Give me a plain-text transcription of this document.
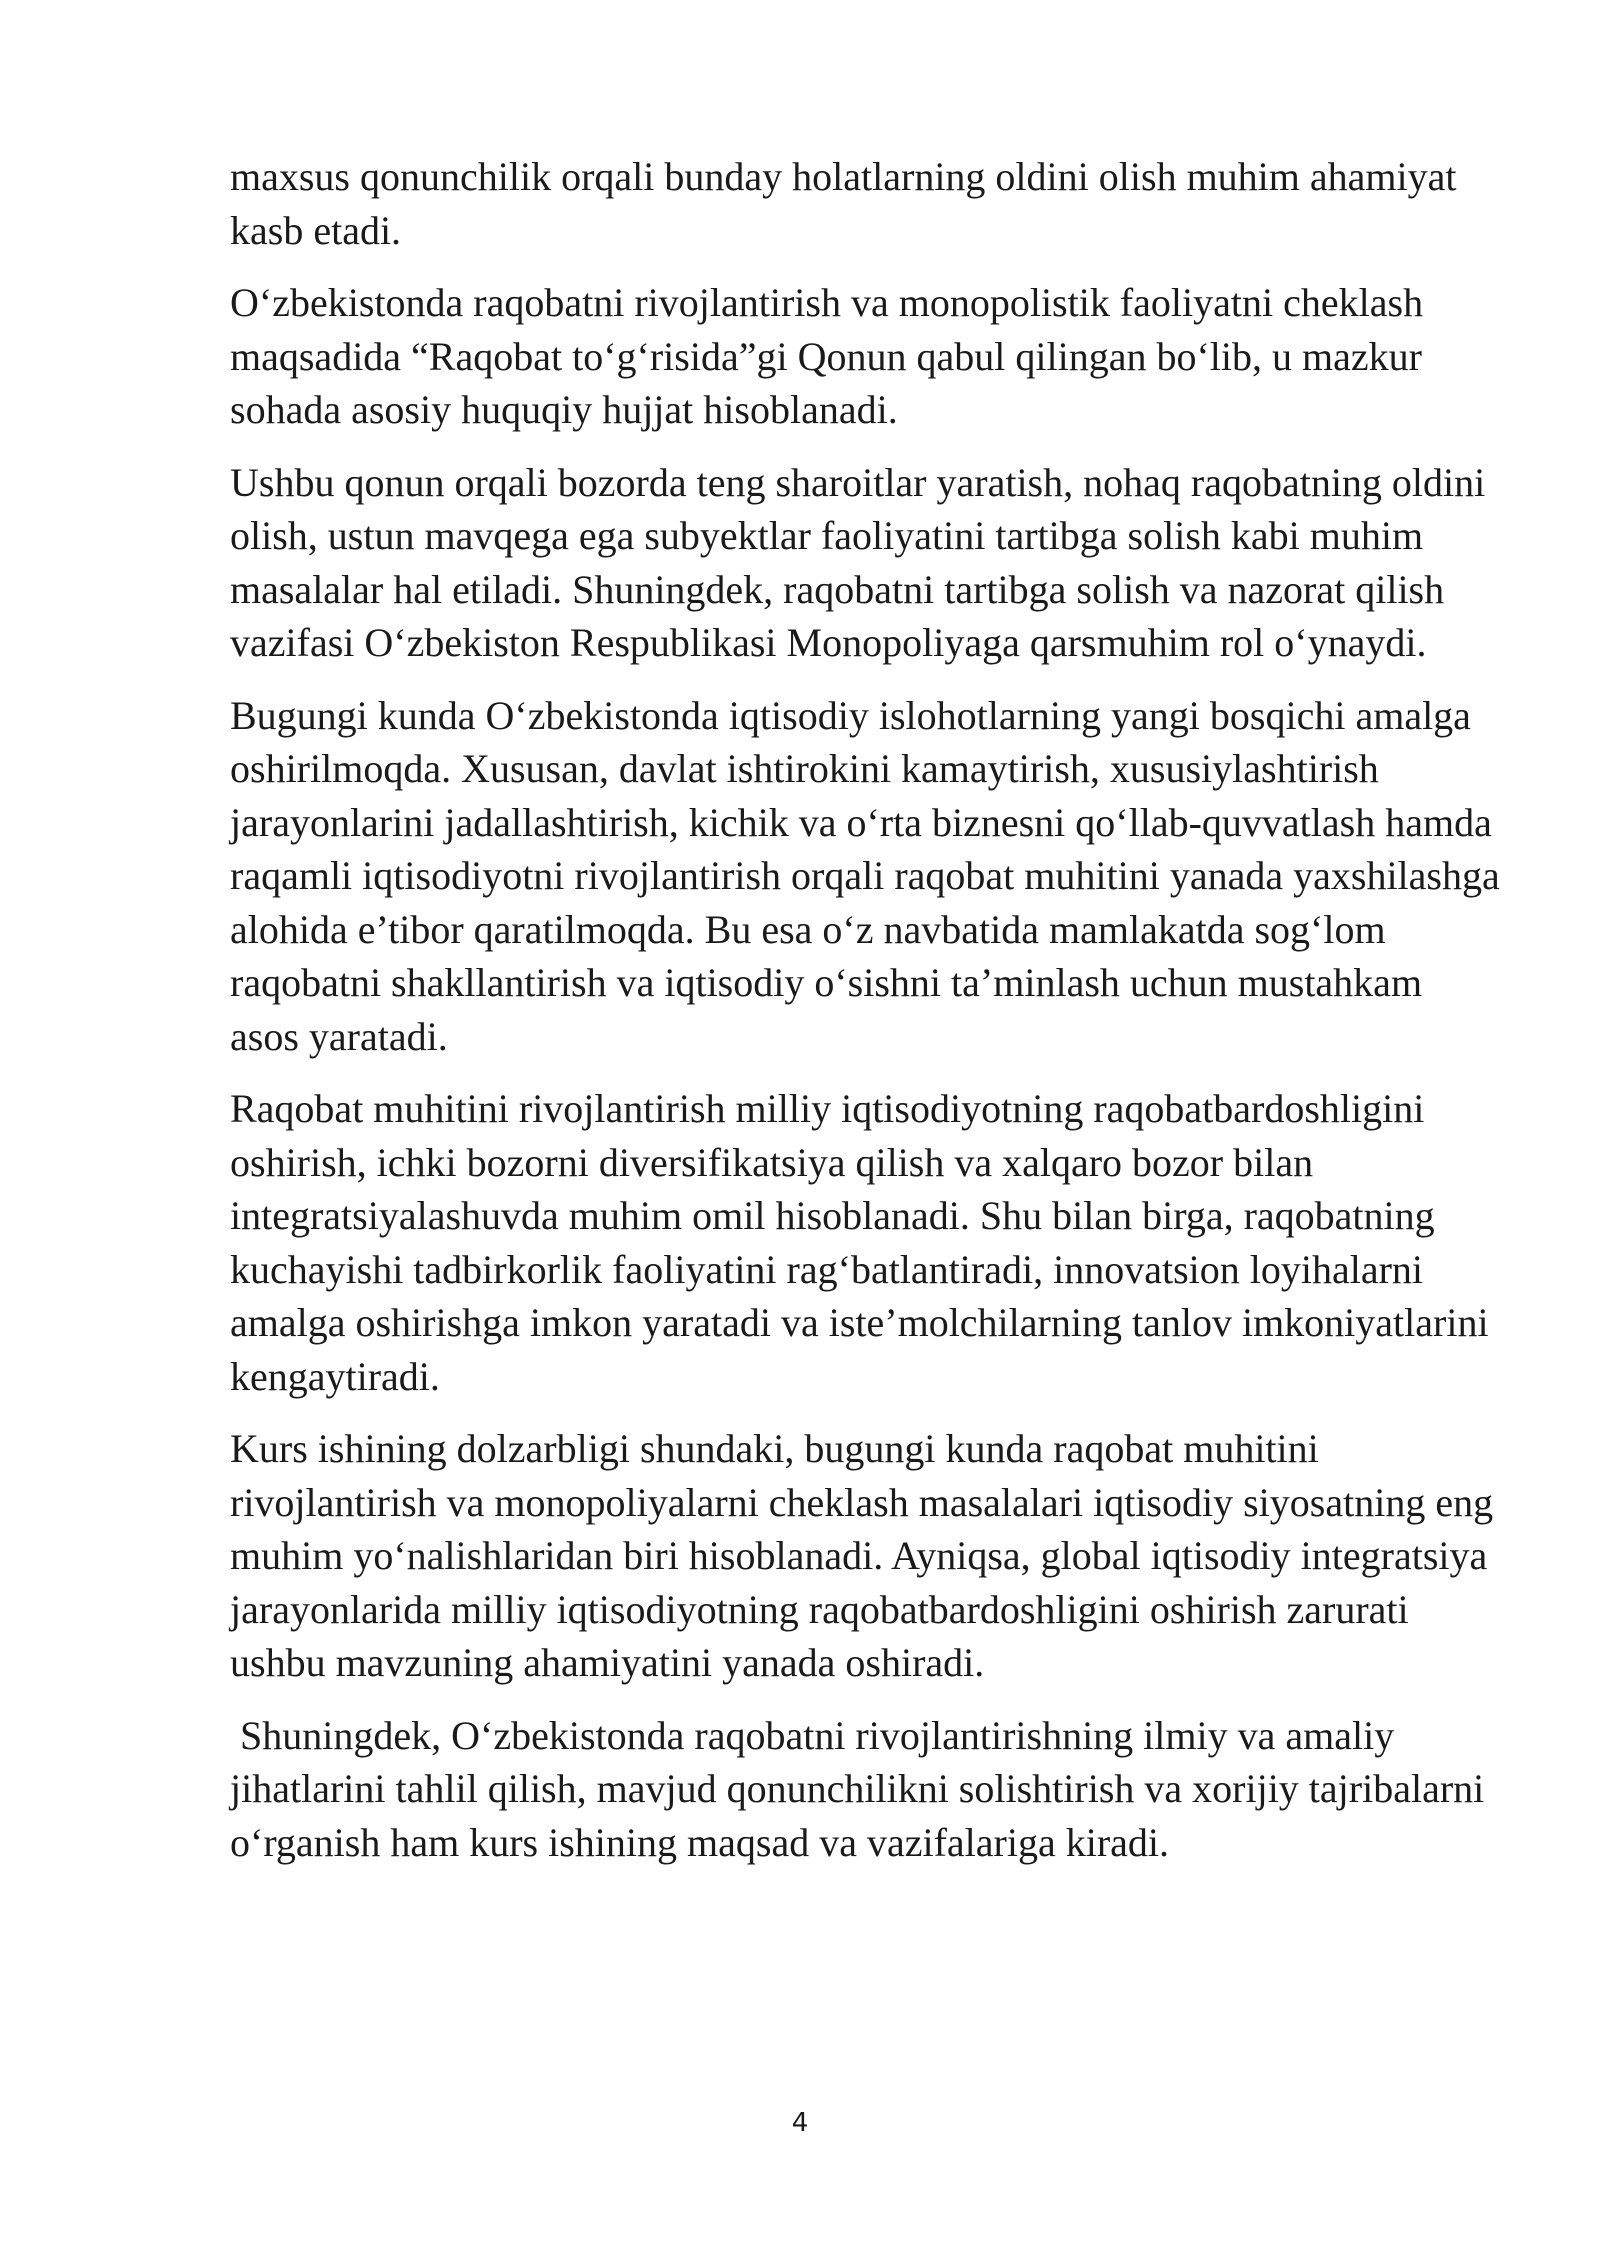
maxsus qonunchilik orqali bunday holatlarning oldini olish muhim ahamiyat kasb etadi.

O‘zbekistonda raqobatni rivojlantirish va monopolistik faoliyatni cheklash maqsadida “Raqobat to‘g‘risida”gi Qonun qabul qilingan bo‘lib, u mazkur sohada asosiy huquqiy hujjat hisoblanadi.

Ushbu qonun orqali bozorda teng sharoitlar yaratish, nohaq raqobatning oldini olish, ustun mavqega ega subyektlar faoliyatini tartibga solish kabi muhim masalalar hal etiladi. Shuningdek, raqobatni tartibga solish va nazorat qilish vazifasi O‘zbekiston Respublikasi Monopoliyaga qarsmuhim rol o‘ynaydi.

Bugungi kunda O‘zbekistonda iqtisodiy islohotlarning yangi bosqichi amalga oshirilmoqda. Xususan, davlat ishtirokini kamaytirish, xususiylashtirish jarayonlarini jadallashtirish, kichik va o‘rta biznesni qo‘llab-quvvatlash hamda raqamli iqtisodiyotni rivojlantirish orqali raqobat muhitini yanada yaxshilashga alohida e’tibor qaratilmoqda. Bu esa o‘z navbatida mamlakatda sog‘lom raqobatni shakllantirish va iqtisodiy o‘sishni ta’minlash uchun mustahkam asos yaratadi.

Raqobat muhitini rivojlantirish milliy iqtisodiyotning raqobatbardoshligini oshirish, ichki bozorni diversifikatsiya qilish va xalqaro bozor bilan integratsiyalashuvda muhim omil hisoblanadi. Shu bilan birga, raqobatning kuchayishi tadbirkorlik faoliyatini rag‘batlantiradi, innovatsion loyihalarni amalga oshirishga imkon yaratadi va iste’molchilarning tanlov imkoniyatlarini kengaytiradi.

Kurs ishining dolzarbligi shundaki, bugungi kunda raqobat muhitini rivojlantirish va monopoliyalarni cheklash masalalari iqtisodiy siyosatning eng muhim yo‘nalishlaridan biri hisoblanadi. Ayniqsa, global iqtisodiy integratsiya jarayonlarida milliy iqtisodiyotning raqobatbardoshligini oshirish zarurati ushbu mavzuning ahamiyatini yanada oshiradi.

Shuningdek, O‘zbekistonda raqobatni rivojlantirishning ilmiy va amaliy jihatlarini tahlil qilish, mavjud qonunchilikni solishtirish va xorijiy tajribalarni o‘rganish ham kurs ishining maqsad va vazifalariga kiradi.

4
